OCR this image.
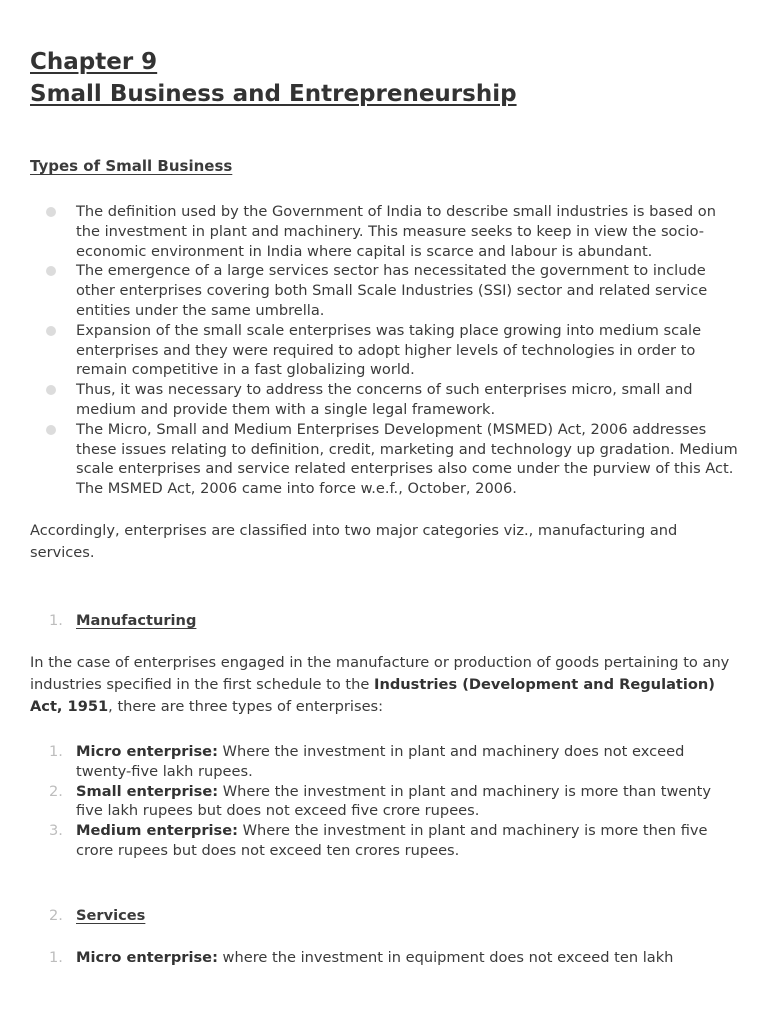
Chapter 9
Small Business and Entrepreneurship

Types of Small Business

The definition used by the Government of India to describe small industries is based on the investment in plant and machinery. This measure seeks to keep in view the socio-economic environment in India where capital is scarce and labour is abundant.
The emergence of a large services sector has necessitated the government to include other enterprises covering both Small Scale Industries (SSI) sector and related service entities under the same umbrella.
Expansion of the small scale enterprises was taking place growing into medium scale enterprises and they were required to adopt higher levels of technologies in order to remain competitive in a fast globalizing world.
Thus, it was necessary to address the concerns of such enterprises micro, small and medium and provide them with a single legal framework.
The Micro, Small and Medium Enterprises Development (MSMED) Act, 2006 addresses these issues relating to definition, credit, marketing and technology up gradation. Medium scale enterprises and service related enterprises also come under the purview of this Act. The MSMED Act, 2006 came into force w.e.f., October, 2006.

Accordingly, enterprises are classified into two major categories viz., manufacturing and services.

1. Manufacturing

In the case of enterprises engaged in the manufacture or production of goods pertaining to any industries specified in the first schedule to the Industries (Development and Regulation) Act, 1951, there are three types of enterprises:

1. Micro enterprise: Where the investment in plant and machinery does not exceed twenty-five lakh rupees.
2. Small enterprise: Where the investment in plant and machinery is more than twenty five lakh rupees but does not exceed five crore rupees.
3. Medium enterprise: Where the investment in plant and machinery is more then five crore rupees but does not exceed ten crores rupees.
2. Services
1. Micro enterprise: where the investment in equipment does not exceed ten lakh
